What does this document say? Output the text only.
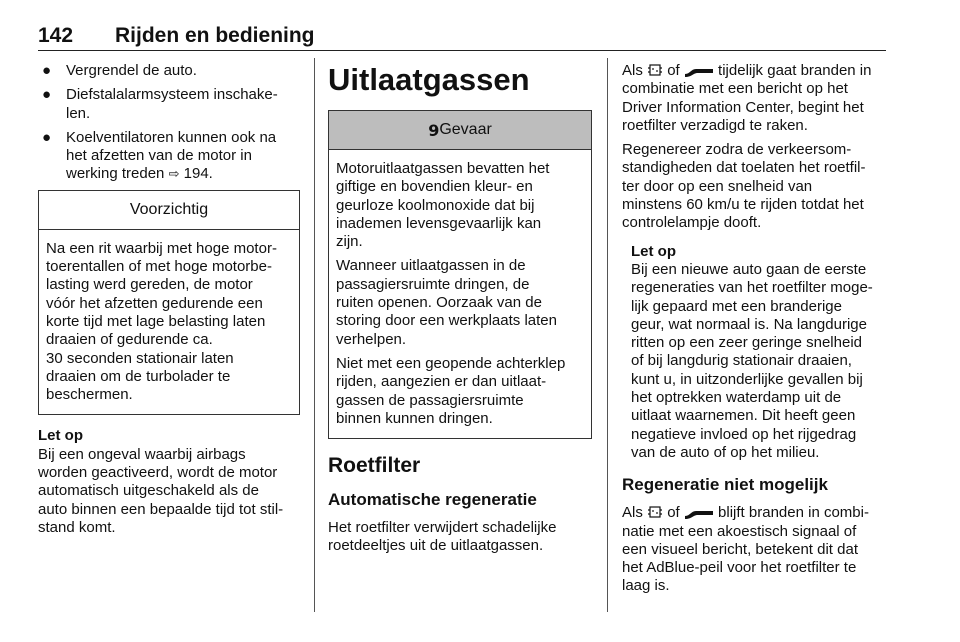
142 Rijden en bediening
● Vergrendel de auto.
● Diefstalalarmsysteem inschake-
len.
● Koelventilatoren kunnen ook na
het afzetten van de motor in
werking treden ⇨ 194.
Voorzichtig

Na een rit waarbij met hoge motor-
toerentallen of met hoge motorbe-
lasting werd gereden, de motor
vóór het afzetten gedurende een
korte tijd met lage belasting laten
draaien of gedurende ca.
30 seconden stationair laten
draaien om de turbolader te
beschermen.

Let op

Bij een ongeval waarbij airbags
worden geactiveerd, wordt de motor
automatisch uitgeschakeld als de
auto binnen een bepaalde tijd tot stil-
stand komt.

Uitlaatgassen
9 Gevaar

Motoruitlaatgassen bevatten het
giftige en bovendien kleur- en
geurloze koolmonoxide dat bij
inademen levensgevaarlijk kan
zijn.

Wanneer uitlaatgassen in de
passagiersruimte dringen, de
ruiten openen. Oorzaak van de
storing door een werkplaats laten
verhelpen.

Niet met een geopende achterklep
rijden, aangezien er dan uitlaat-
gassen de passagiersruimte
binnen kunnen dringen.

Roetfilter
Automatische regeneratie

Het roetfilter verwijdert schadelijke
roetdeeltjes uit de uitlaatgassen.

Als of	tijdelijk gaat branden in
combinatie met een bericht op het
Driver Information Center, begint het
roetfilter verzadigd te raken.

Regenereer zodra de verkeersom-
standigheden dat toelaten het roetfil-
ter door op een snelheid van
minstens 60 km/u te rijden totdat het
controlelampje dooft.

Let op

Bij een nieuwe auto gaan de eerste
regeneraties van het roetfilter moge-
lijk gepaard met een branderige
geur, wat normaal is. Na langdurige
ritten op een zeer geringe snelheid
of bij langdurig stationair draaien,
kunt u, in uitzonderlijke gevallen bij
het optrekken waterdamp uit de
uitlaat waarnemen. Dit heeft geen
negatieve invloed op het rijgedrag
van de auto of op het milieu.

Regeneratie niet mogelijk

Als of	blijft branden in combi-
natie met een akoestisch signaal of
een visueel bericht, betekent dit dat
het AdBlue-peil voor het roetfilter te
laag is.
